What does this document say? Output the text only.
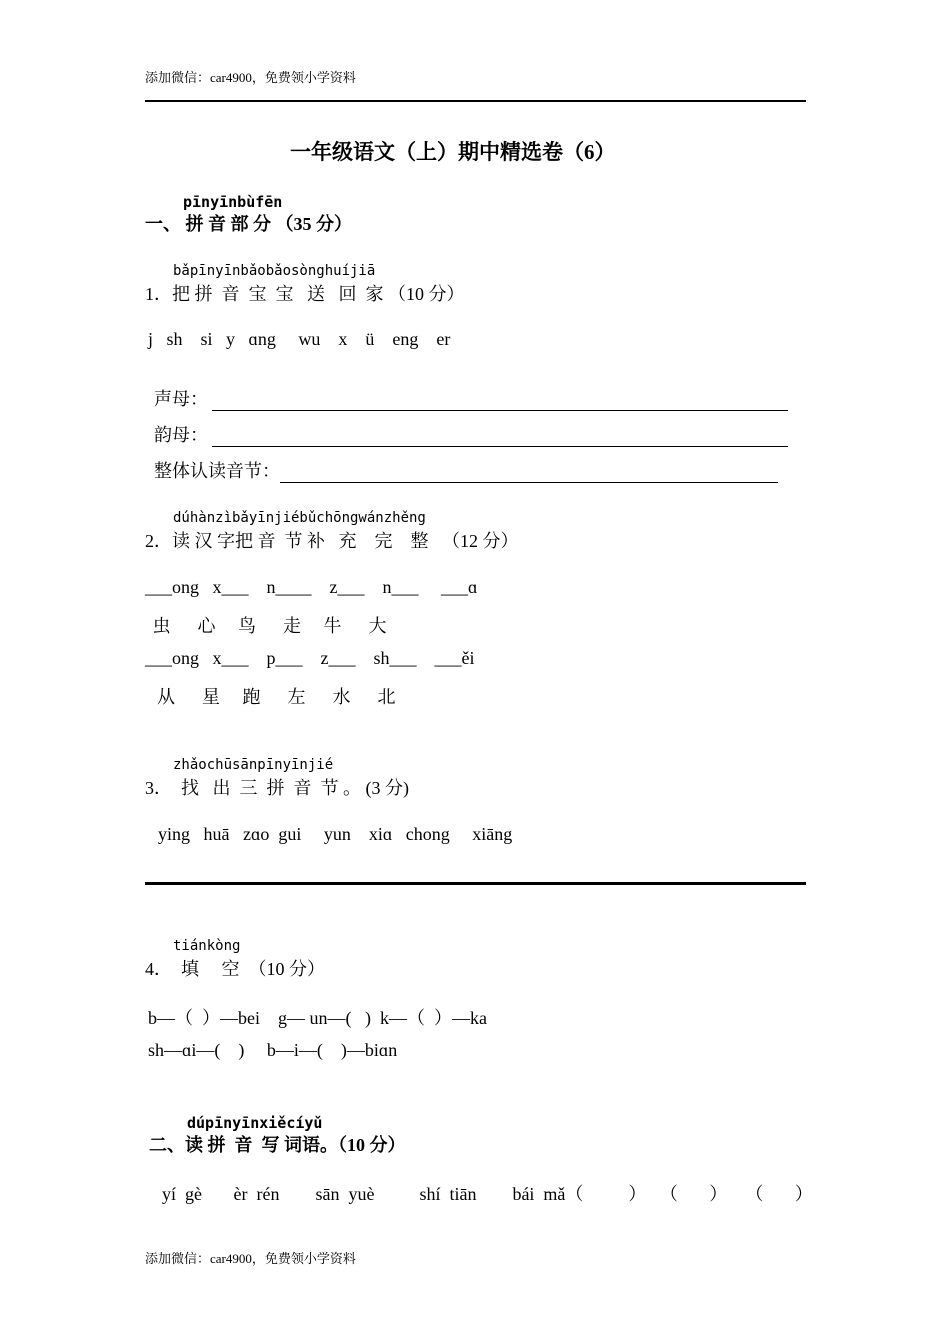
添加微信：car4900，免费领小学资料
一年级语文（上）期中精选卷（6）
pīnyīnbùfēn
一、 拼 音 部 分 （35 分）
bǎpīnyīnbǎobǎosònghuíjiā
1．把 拼  音  宝  宝   送   回  家 （10 分）
j   sh    si   y   ɑng     wu    x    ü    eng    er

声母：

韵母：

整体认读音节：

dúhànzìbǎyīnjiébǔchōngwánzhěng
2．读 汉 字把 音  节 补   充    完    整   （12 分）
___ong   x___    n____    z___    n___     ___ɑ
虫      心     鸟      走     牛      大
___ong   x___    p___    z___    sh___    ___ěi
从      星     跑      左      水      北
zhǎochūsānpīnyīnjié
3．  找   出  三  拼  音  节 。 (3 分)
ying   huā   zɑo  gui     yun    xiɑ   chong     xiāng
tiánkòng
4．  填     空  （10 分）
b—（  ）—bei    g— un—(   )  k—（  ）—ka
sh—ɑi—(    )     b—i—(    )—biɑn
dúpīnyīnxiěcíyǔ
二、读 拼  音  写 词语。（10 分）
yí  gè       èr  rén        sān  yuè          shí  tiān        bái  mǎ（          ）   （       ）    （       ）
添加微信：car4900，免费领小学资料
